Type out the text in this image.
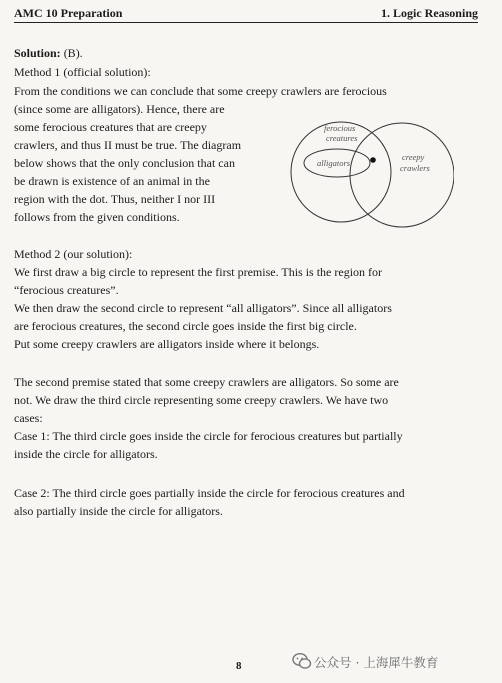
AMC 10 Preparation	1. Logic Reasoning
Solution: (B).
Method 1 (official solution):
From the conditions we can conclude that some creepy crawlers are ferocious
(since some are alligators). Hence, there are
some ferocious creatures that are creepy
crawlers, and thus II must be true. The diagram
below shows that the only conclusion that can
be drawn is existence of an animal in the
region with the dot. Thus, neither I nor III
follows from the given conditions.
ferocious
creatures
alligators
creepy
crawlers
Method 2 (our solution):
We first draw a big circle to represent the first premise. This is the region for
“ferocious creatures”.
We then draw the second circle to represent “all alligators”. Since all alligators
are ferocious creatures, the second circle goes inside the first big circle.
Put some creepy crawlers are alligators inside where it belongs.
The second premise stated that some creepy crawlers are alligators. So some are
not. We draw the third circle representing some creepy crawlers. We have two
cases:
Case 1: The third circle goes inside the circle for ferocious creatures but partially
inside the circle for alligators.
Case 2: The third circle goes partially inside the circle for ferocious creatures and
also partially inside the circle for alligators.
8	公众号 · 上海犀牛教育
